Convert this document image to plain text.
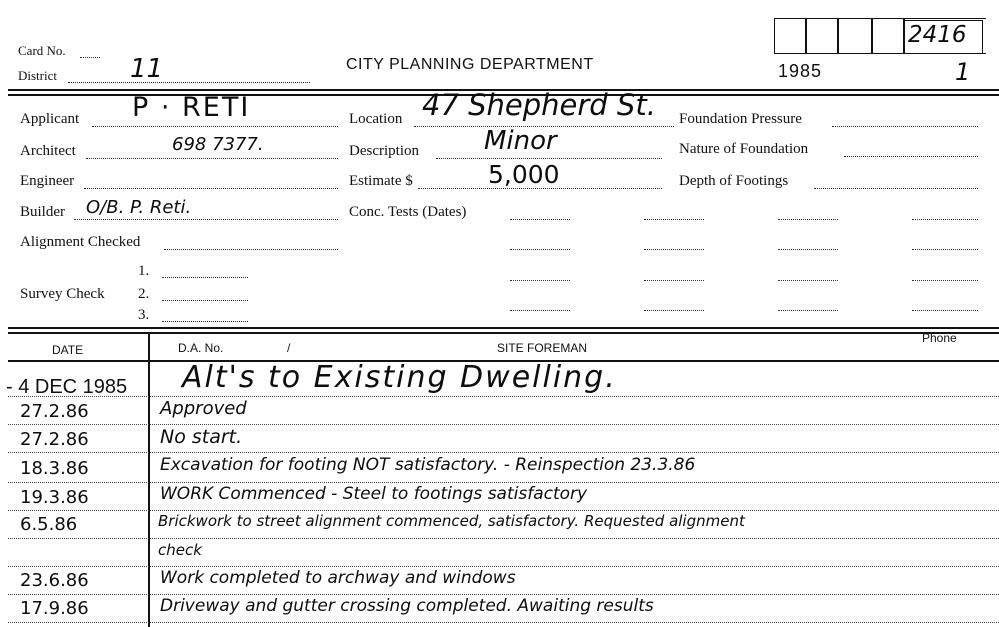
Card No.
District	11	CITY PLANNING DEPARTMENT	1985	1
2416
Applicant P · RETI
Architect	698 7377.
Engineer
Builder O/B. P. Reti.
Alignment Checked
Survey Check
1.
2.
3.
Location 47 Shepherd St.
Description	Minor
Estimate $	5,000
Conc. Tests (Dates)
Foundation Pressure
Nature of Foundation
Depth of Footings
DATE	D.A. No.	/	SITE FOREMAN
Phone
- 4 DEC 1985 Alt's to Existing Dwelling.
27.2.86	Approved
27.2.86	No start.
18.3.86	Excavation for footing NOT satisfactory. - Reinspection 23.3.86
19.3.86	WORK Commenced - Steel to footings satisfactory
6.5.86	Brickwork to street alignment commenced, satisfactory. Requested alignment
check
23.6.86	Work completed to archway and windows
17.9.86	Driveway and gutter crossing completed. Awaiting results
